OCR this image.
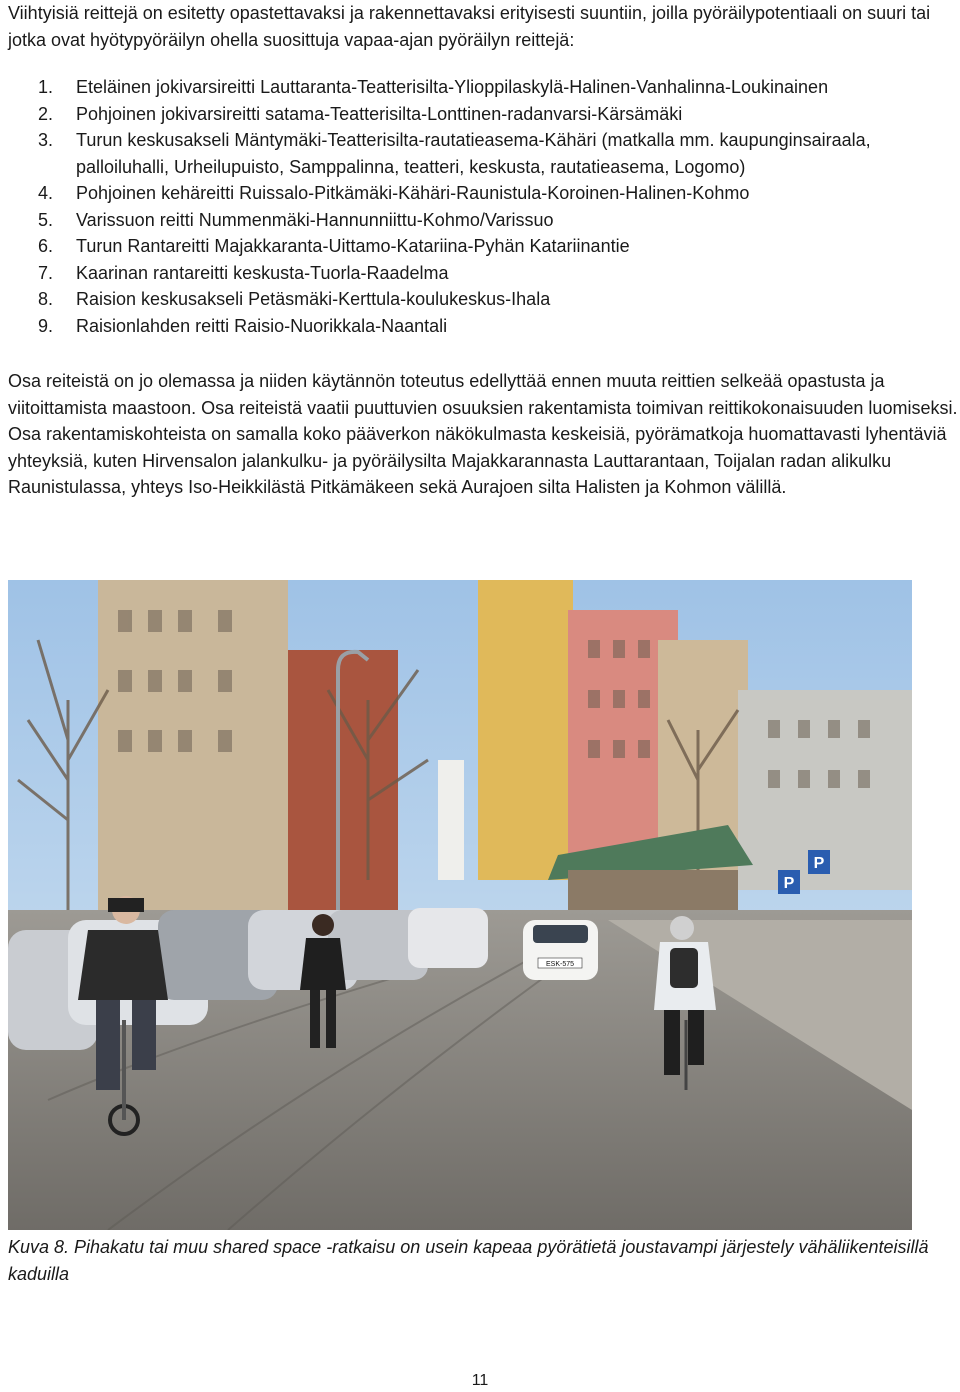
Viihtyisiä reittejä on esitetty opastettavaksi ja rakennettavaksi erityisesti suuntiin, joilla pyöräilypotentiaali on suuri tai jotka ovat hyötypyöräilyn ohella suosittuja vapaa-ajan pyöräilyn reittejä:

1. Eteläinen jokivarsireitti Lauttaranta-Teatterisilta-Ylioppilaskylä-Halinen-Vanhalinna-Loukinainen
2. Pohjoinen jokivarsireitti satama-Teatterisilta-Lonttinen-radanvarsi-Kärsämäki
3. Turun keskusakseli Mäntymäki-Teatterisilta-rautatieasema-Kähäri (matkalla mm. kaupunginsairaala, palloiluhalli, Urheilupuisto, Samppalinna, teatteri, keskusta, rautatieasema, Logomo)
4. Pohjoinen kehäreitti Ruissalo-Pitkämäki-Kähäri-Raunistula-Koroinen-Halinen-Kohmo
5. Varissuon reitti Nummenmäki-Hannunniittu-Kohmo/Varissuo
6. Turun Rantareitti Majakkaranta-Uittamo-Katariina-Pyhän Katariinantie
7. Kaarinan rantareitti keskusta-Tuorla-Raadelma
8. Raision keskusakseli Petäsmäki-Kerttula-koulukeskus-Ihala
9. Raisionlahden reitti Raisio-Nuorikkala-Naantali

Osa reiteistä on jo olemassa ja niiden käytännön toteutus edellyttää ennen muuta reittien selkeää opastusta ja viitoittamista maastoon. Osa reiteistä vaatii puuttuvien osuuksien rakentamista toimivan reittikokonaisuuden luomiseksi. Osa rakentamiskohteista on samalla koko pääverkon näkökulmasta keskeisiä, pyörämatkoja huomattavasti lyhentäviä yhteyksiä, kuten Hirvensalon jalankulku- ja pyöräilysilta Majakkarannasta Lauttarantaan, Toijalan radan alikulku Raunistulassa, yhteys Iso-Heikkilästä Pitkämäkeen sekä Aurajoen silta Halisten ja Kohmon välillä.

P
P
ESK-575

Kuva 8. Pihakatu tai muu shared space -ratkaisu on usein kapeaa pyörätietä joustavampi järjestely vähäliikenteisillä kaduilla

11
